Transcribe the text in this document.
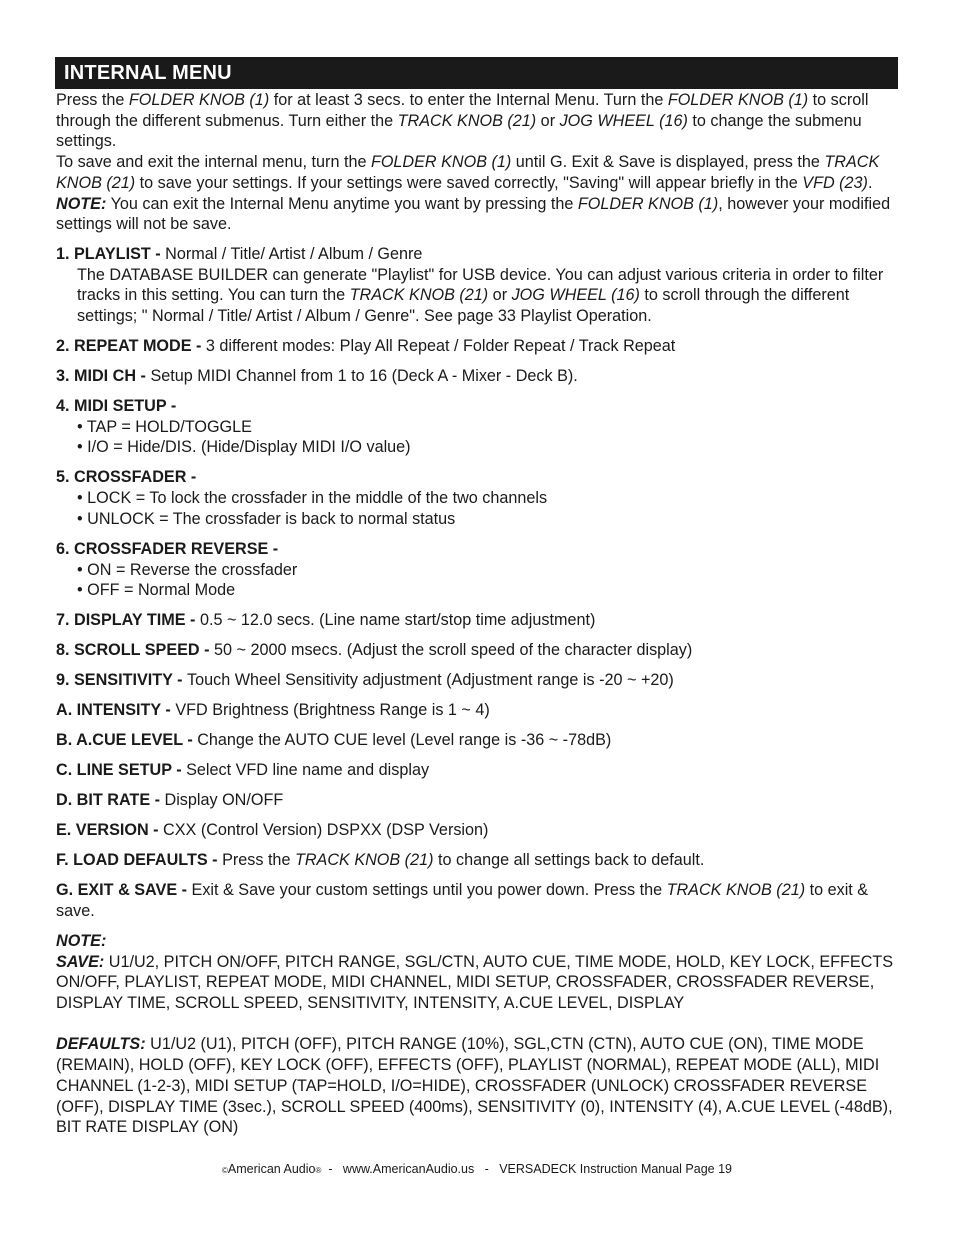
INTERNAL MENU

Press the FOLDER KNOB (1) for at least 3 secs. to enter the Internal Menu. Turn the FOLDER KNOB (1) to scroll through the different submenus. Turn either the TRACK KNOB (21) or JOG WHEEL (16) to change the submenu settings.

To save and exit the internal menu, turn the FOLDER KNOB (1) until G. Exit & Save is displayed, press the TRACK KNOB (21) to save your settings. If your settings were saved correctly, "Saving" will appear briefly in the VFD (23).

NOTE: You can exit the Internal Menu anytime you want by pressing the FOLDER KNOB (1), however your modified settings will not be save.

1. PLAYLIST - Normal / Title/ Artist / Album / Genre

The DATABASE BUILDER can generate "Playlist" for USB device. You can adjust various criteria in order to filter tracks in this setting. You can turn the TRACK KNOB (21) or JOG WHEEL (16) to scroll through the different settings; " Normal / Title/ Artist / Album / Genre". See page 33 Playlist Operation.

2. REPEAT MODE - 3 different modes: Play All Repeat / Folder Repeat / Track Repeat

3. MIDI CH - Setup MIDI Channel from 1 to 16 (Deck A - Mixer - Deck B).

4. MIDI SETUP -

• TAP = HOLD/TOGGLE

• I/O = Hide/DIS. (Hide/Display MIDI I/O value)

5. CROSSFADER -

• LOCK = To lock the crossfader in the middle of the two channels

• UNLOCK = The crossfader is back to normal status

6. CROSSFADER REVERSE -

• ON = Reverse the crossfader

• OFF = Normal Mode

7. DISPLAY TIME - 0.5 ~ 12.0 secs. (Line name start/stop time adjustment)

8. SCROLL SPEED - 50 ~ 2000 msecs. (Adjust the scroll speed of the character display)

9. SENSITIVITY - Touch Wheel Sensitivity adjustment (Adjustment range is -20 ~ +20)

A. INTENSITY - VFD Brightness (Brightness Range is 1 ~ 4)

B. A.CUE LEVEL - Change the AUTO CUE level (Level range is -36 ~ -78dB)

C. LINE SETUP - Select VFD line name and display

D. BIT RATE - Display ON/OFF

E. VERSION - CXX (Control Version) DSPXX (DSP Version)

F. LOAD DEFAULTS - Press the TRACK KNOB (21) to change all settings back to default.

G. EXIT & SAVE - Exit & Save your custom settings until you power down. Press the TRACK KNOB (21) to exit & save.

NOTE:

SAVE: U1/U2, PITCH ON/OFF, PITCH RANGE, SGL/CTN, AUTO CUE, TIME MODE, HOLD, KEY LOCK, EFFECTS ON/OFF, PLAYLIST, REPEAT MODE, MIDI CHANNEL, MIDI SETUP, CROSSFADER, CROSSFADER REVERSE, DISPLAY TIME, SCROLL SPEED, SENSITIVITY, INTENSITY, A.CUE LEVEL, DISPLAY

DEFAULTS: U1/U2 (U1), PITCH (OFF), PITCH RANGE (10%), SGL,CTN (CTN), AUTO CUE (ON), TIME MODE (REMAIN), HOLD (OFF), KEY LOCK (OFF), EFFECTS (OFF), PLAYLIST (NORMAL), REPEAT MODE (ALL), MIDI CHANNEL (1-2-3), MIDI SETUP (TAP=HOLD, I/O=HIDE), CROSSFADER (UNLOCK) CROSSFADER REVERSE (OFF), DISPLAY TIME (3sec.), SCROLL SPEED (400ms), SENSITIVITY (0), INTENSITY (4), A.CUE LEVEL (-48dB), BIT RATE DISPLAY (ON)

©American Audio®  -   www.AmericanAudio.us   -   VERSADECK Instruction Manual Page 19
